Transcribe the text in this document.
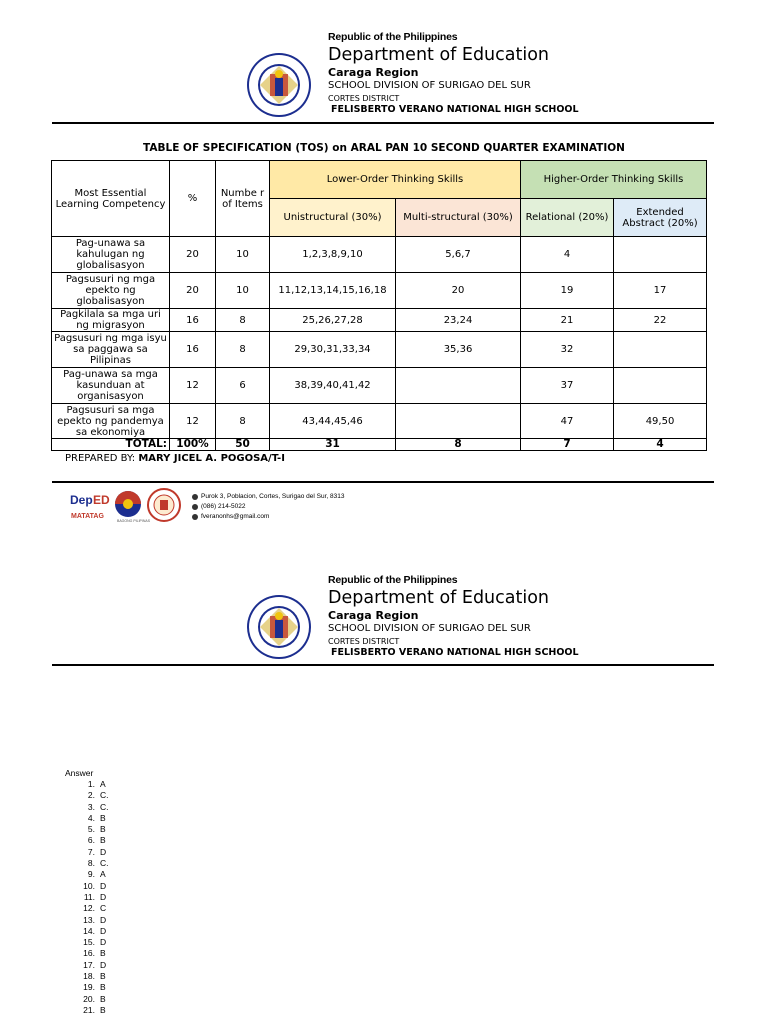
Republic of the Philippines
Department of Education
Caraga Region
SCHOOL DIVISION OF SURIGAO DEL SUR
CORTES DISTRICT
FELISBERTO VERANO NATIONAL HIGH SCHOOL
TABLE OF SPECIFICATION (TOS) on ARAL PAN 10 SECOND QUARTER EXAMINATION
Most Essential Learning Competency	%	Numbe r of Items	Lower-Order Thinking Skills		Higher-Order Thinking Skills	
			Unistructural (30%)	Multi-structural (30%)	Relational (20%)	Extended Abstract (20%)
Pag-unawa sa kahulugan ng globalisasyon	20	10	1,2,3,8,9,10	5,6,7	4	
Pagsusuri ng mga epekto ng globalisasyon	20	10	11,12,13,14,15,16,18	20	19	17
Pagkilala sa mga uri ng migrasyon	16	8	25,26,27,28	23,24	21	22
Pagsusuri ng mga isyu sa paggawa sa Pilipinas	16	8	29,30,31,33,34	35,36	32	
Pag-unawa sa mga kasunduan at organisasyon	12	6	38,39,40,41,42		37	
Pagsusuri sa mga epekto ng pandemya sa ekonomiya	12	8	43,44,45,46		47	49,50
TOTAL:	100%	50	31	8	7	4
PREPARED BY: MARY JICEL A. POGOSA/T-I
Dep ED
MATATAG
BAGONG PILIPINAS
Purok 3, Poblacion, Cortes, Surigao del Sur, 8313
(086) 214-5022
fveranonhs@gmail.com
Republic of the Philippines
Department of Education
Caraga Region
SCHOOL DIVISION OF SURIGAO DEL SUR
CORTES DISTRICT
FELISBERTO VERANO NATIONAL HIGH SCHOOL
Answer
1. A
2. C.
3. C.
4. B
5. B
6. B
7. D
8. C.
9. A
10. D
11. D
12. C
13. D
14. D
15. D
16. B
17. D
18. B
19. B
20. B
21. B
